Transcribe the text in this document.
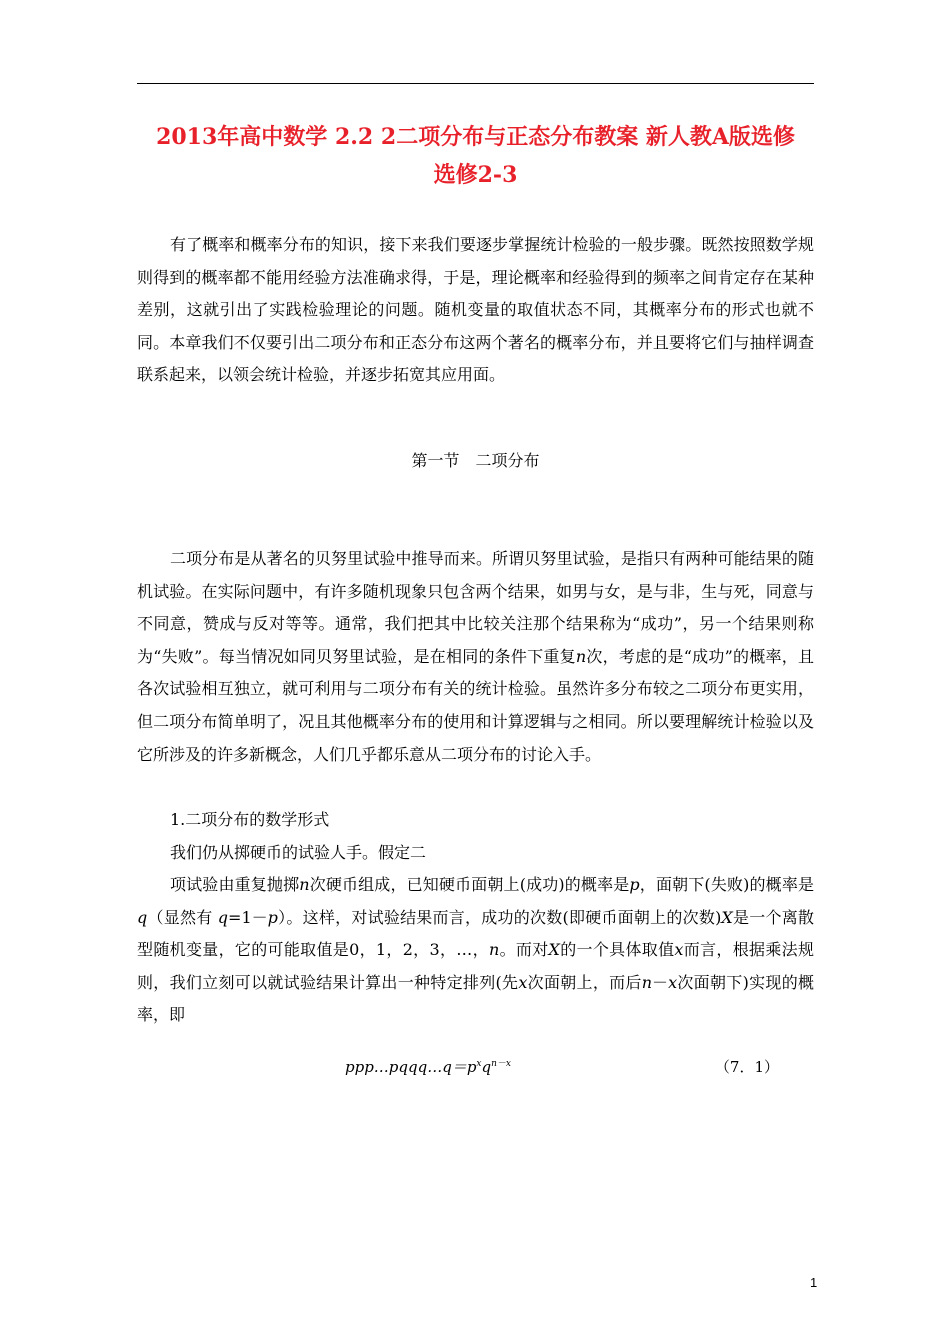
2013年高中数学 2.2 2二项分布与正态分布教案 新人教A版选修
选修2-3

有了概率和概率分布的知识，接下来我们要逐步掌握统计检验的一般步骤。既然按照数学规则得到的概率都不能用经验方法准确求得，于是，理论概率和经验得到的频率之间肯定存在某种差别，这就引出了实践检验理论的问题。随机变量的取值状态不同，其概率分布的形式也就不同。本章我们不仅要引出二项分布和正态分布这两个著名的概率分布，并且要将它们与抽样调查联系起来，以领会统计检验，并逐步拓宽其应用面。

第一节　二项分布

二项分布是从著名的贝努里试验中推导而来。所谓贝努里试验，是指只有两种可能结果的随机试验。在实际问题中，有许多随机现象只包含两个结果，如男与女，是与非，生与死，同意与不同意，赞成与反对等等。通常，我们把其中比较关注那个结果称为“成功”，另一个结果则称为“失败”。每当情况如同贝努里试验，是在相同的条件下重复n次，考虑的是“成功”的概率，且各次试验相互独立，就可利用与二项分布有关的统计检验。虽然许多分布较之二项分布更实用，但二项分布简单明了，况且其他概率分布的使用和计算逻辑与之相同。所以要理解统计检验以及它所涉及的许多新概念，人们几乎都乐意从二项分布的讨论入手。

1.二项分布的数学形式

我们仍从掷硬币的试验人手。假定二

项试验由重复抛掷n次硬币组成，已知硬币面朝上(成功)的概率是p，面朝下(失败)的概率是q（显然有 q=1－p）。这样，对试验结果而言，成功的次数(即硬币面朝上的次数)X是一个离散型随机变量，它的可能取值是0，1，2，3，…，n。而对X的一个具体取值x而言，根据乘法规则，我们立刻可以就试验结果计算出一种特定排列(先x次面朝上，而后n－x次面朝下)实现的概率，即

$ppp\dots pqqq\dots q=p^xq^{n-x}$	（7．1）
1
